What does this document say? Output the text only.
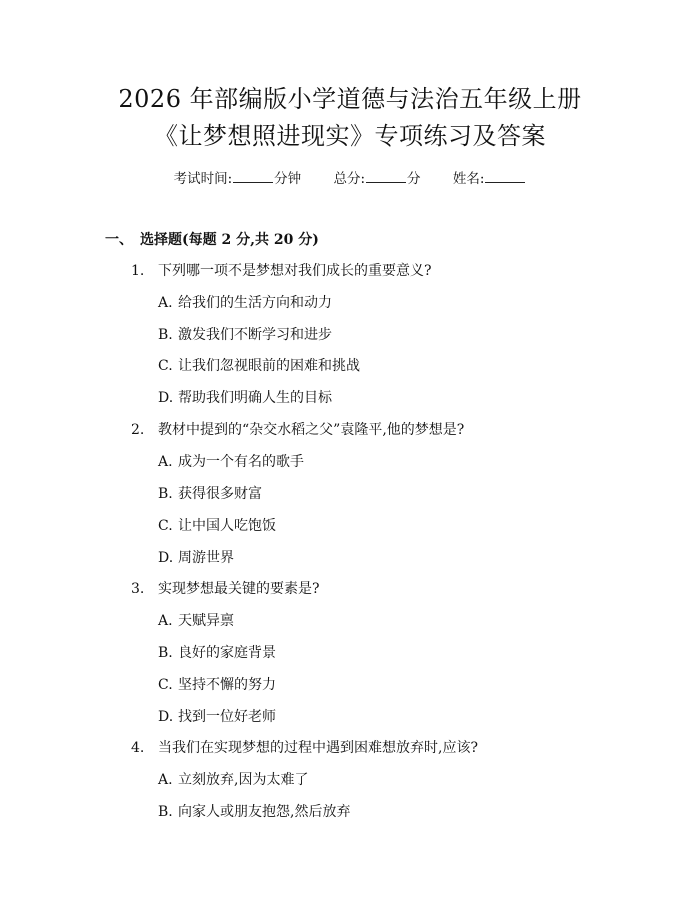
2026 年部编版小学道德与法治五年级上册
《让梦想照进现实》专项练习及答案
考试时间:	分钟 总分:	分 姓名:
一、 选择题(每题 2 分,共 20 分)
1. 下列哪一项不是梦想对我们成长的重要意义?
A. 给我们的生活方向和动力
B. 激发我们不断学习和进步
C. 让我们忽视眼前的困难和挑战
D. 帮助我们明确人生的目标
2. 教材中提到的“杂交水稻之父”袁隆平,他的梦想是?
A. 成为一个有名的歌手
B. 获得很多财富
C. 让中国人吃饱饭
D. 周游世界
3. 实现梦想最关键的要素是?
A. 天赋异禀
B. 良好的家庭背景
C. 坚持不懈的努力
D. 找到一位好老师
4. 当我们在实现梦想的过程中遇到困难想放弃时,应该?
A. 立刻放弃,因为太难了
B. 向家人或朋友抱怨,然后放弃
